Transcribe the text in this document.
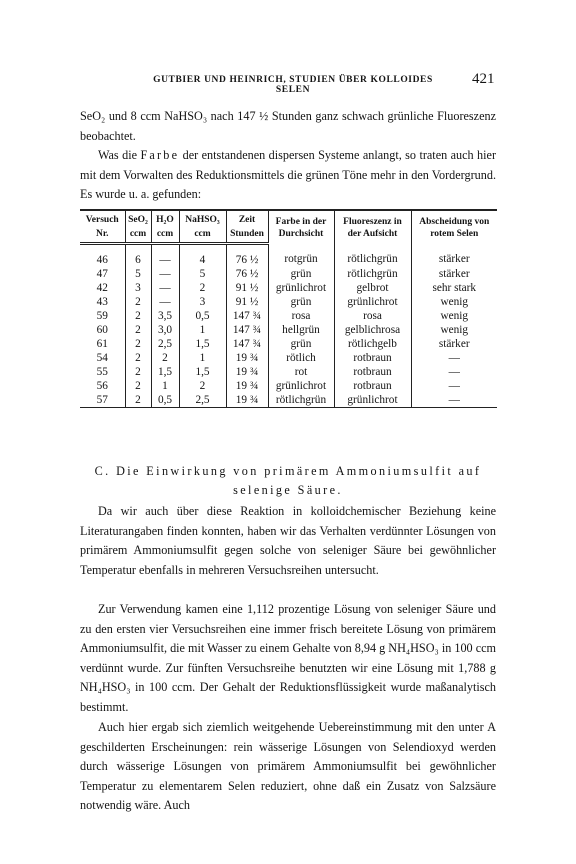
GUTBIER UND HEINRICH, STUDIEN ÜBER KOLLOIDES SELEN
421

SeO₂ und 8 ccm NaHSO₃ nach 147 ½ Stunden ganz schwach grünliche Fluoreszenz beobachtet.

Was die Farbe der entstandenen dispersen Systeme anlangt, so traten auch hier mit dem Vorwalten des Reduktionsmittels die grünen Töne mehr in den Vordergrund. Es wurde u. a. gefunden:

Versuch	SeO₂	H₂O	NaHSO₃	Zeit	Farbe in der Durchsicht	Fluoreszenz in der Aufsicht	Abscheidung von rotem Selen
Nr.	ccm	ccm	ccm	Stunden			
46	6	—	4	76 ½	rotgrün	rötlichgrün	stärker
47	5	—	5	76 ½	grün	rötlichgrün	stärker
42	3	—	2	91 ½	grünlichrot	gelbrot	sehr stark
43	2	—	3	91 ½	grün	grünlichrot	wenig
59	2	3,5	0,5	147 ¾	rosa	rosa	wenig
60	2	3,0	1	147 ¾	hellgrün	gelblichrosa	wenig
61	2	2,5	1,5	147 ¾	grün	rötlichgelb	stärker
54	2	2	1	19 ¾	rötlich	rotbraun	—
55	2	1,5	1,5	19 ¾	rot	rotbraun	—
56	2	1	2	19 ¾	grünlichrot	rotbraun	—
57	2	0,5	2,5	19 ¾	rötlichgrün	grünlichrot	—

C. Die Einwirkung von primärem Ammoniumsulfit auf
selenige Säure.

Da wir auch über diese Reaktion in kolloidchemischer Beziehung keine Literaturangaben finden konnten, haben wir das Verhalten verdünnter Lösungen von primärem Ammoniumsulfit gegen solche von seleniger Säure bei gewöhnlicher Temperatur ebenfalls in mehreren Versuchsreihen untersucht.

Zur Verwendung kamen eine 1,112 prozentige Lösung von seleniger Säure und zu den ersten vier Versuchsreihen eine immer frisch bereitete Lösung von primärem Ammoniumsulfit, die mit Wasser zu einem Gehalte von 8,94 g NH₄HSO₃ in 100 ccm verdünnt wurde. Zur fünften Versuchsreihe benutzten wir eine Lösung mit 1,788 g NH₄HSO₃ in 100 ccm. Der Gehalt der Reduktionsflüssigkeit wurde maßanalytisch bestimmt.

Auch hier ergab sich ziemlich weitgehende Uebereinstimmung mit den unter A geschilderten Erscheinungen: rein wässerige Lösungen von Selendioxyd werden durch wässerige Lösungen von primärem Ammoniumsulfit bei gewöhnlicher Temperatur zu elementarem Selen reduziert, ohne daß ein Zusatz von Salzsäure notwendig wäre. Auch
